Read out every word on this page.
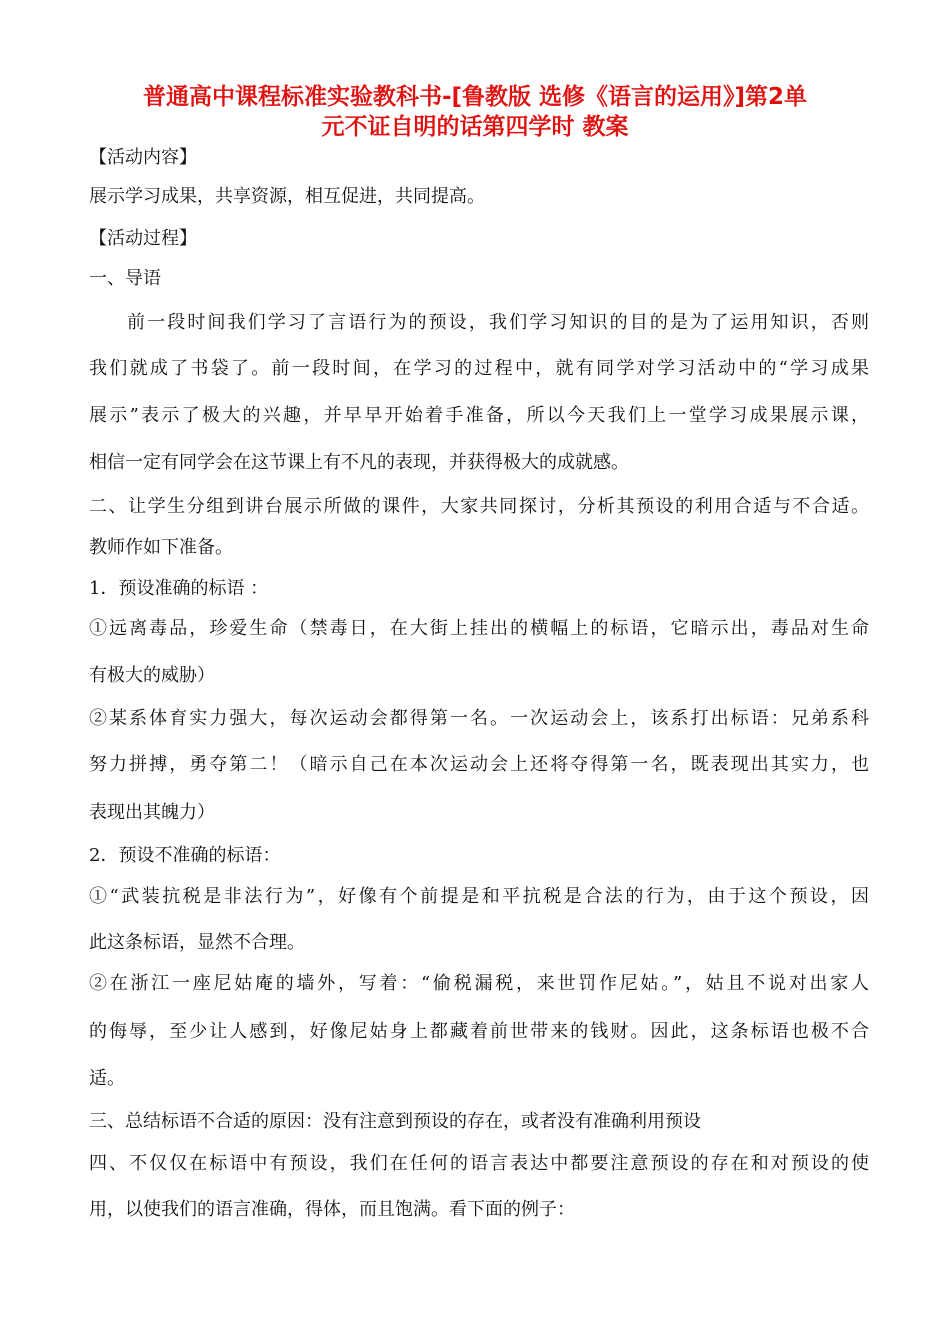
普通高中课程标准实验教科书-[鲁教版 选修《语言的运用》]第2单
元不证自明的话第四学时 教案
【活动内容】
展示学习成果，共享资源，相互促进，共同提高。
【活动过程】
一、导语
前一段时间我们学习了言语行为的预设，我们学习知识的目的是为了运用知识，否则
我们就成了书袋了。前一段时间，在学习的过程中，就有同学对学习活动中的“学习成果
展示”表示了极大的兴趣，并早早开始着手准备，所以今天我们上一堂学习成果展示课，
相信一定有同学会在这节课上有不凡的表现，并获得极大的成就感。
二、让学生分组到讲台展示所做的课件，大家共同探讨，分析其预设的利用合适与不合适。
教师作如下准备。
1．预设准确的标语 ：
①远离毒品，珍爱生命（禁毒日，在大街上挂出的横幅上的标语，它暗示出，毒品对生命
有极大的威胁）
②某系体育实力强大，每次运动会都得第一名。一次运动会上，该系打出标语：兄弟系科
努力拼搏，勇夺第二！（暗示自己在本次运动会上还将夺得第一名，既表现出其实力，也
表现出其魄力）
2．预设不准确的标语：
①“武装抗税是非法行为”，好像有个前提是和平抗税是合法的行为，由于这个预设，因
此这条标语，显然不合理。
②在浙江一座尼姑庵的墙外，写着：“偷税漏税，来世罚作尼姑。”，姑且不说对出家人
的侮辱，至少让人感到，好像尼姑身上都藏着前世带来的钱财。因此，这条标语也极不合
适。
三、总结标语不合适的原因：没有注意到预设的存在，或者没有准确利用预设
四、不仅仅在标语中有预设，我们在任何的语言表达中都要注意预设的存在和对预设的使
用，以使我们的语言准确，得体，而且饱满。看下面的例子：
